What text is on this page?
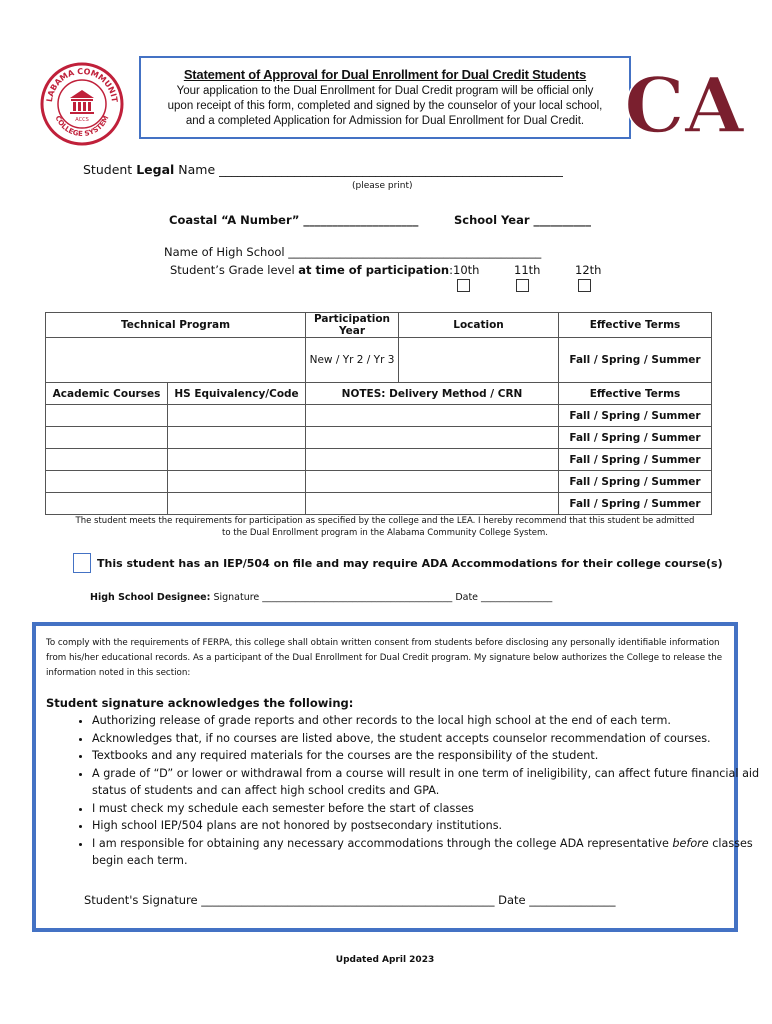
LABAMA COMMUNIT
COLLEGE SYSTEM
ACCS
Statement of Approval for Dual Enrollment for Dual Credit Students
Your application to the Dual Enrollment for Dual Credit program will be official only
upon receipt of this form, completed and signed by the counselor of your local school,
and a completed Application for Admission for Dual Enrollment for Dual Credit. CA
Student Legal Name _______________________________________________________
(please print)
Coastal “A Number” ____________________	School Year __________
Name of High School ____________________________________________
Student’s Grade level at time of participation: 10th	11th	12th
Technical Program		Participation Year	Location	Effective Terms
		New / Yr 2 / Yr 3		Fall / Spring / Summer
Academic Courses	HS Equivalency/Code	NOTES: Delivery Method / CRN		Effective Terms
				Fall / Spring / Summer
				Fall / Spring / Summer
				Fall / Spring / Summer
				Fall / Spring / Summer
				Fall / Spring / Summer
The student meets the requirements for participation as specified by the college and the LEA. I hereby recommend that this student be admitted
to the Dual Enrollment program in the Alabama Community College System.
This student has an IEP/504 on file and may require ADA Accommodations for their college course(s)
High School Designee: Signature ________________________________________ Date _______________
To comply with the requirements of FERPA, this college shall obtain written consent from students before disclosing any personally identifiable information from his/her educational records. As a participant of the Dual Enrollment for Dual Credit program. My signature below authorizes the College to release the information noted in this section:
Student signature acknowledges the following:
• Authorizing release of grade reports and other records to the local high school at the end of each term.
• Acknowledges that, if no courses are listed above, the student accepts counselor recommendation of courses.
• Textbooks and any required materials for the courses are the responsibility of the student.
• A grade of “D” or lower or withdrawal from a course will result in one term of ineligibility, can affect future financial aid status of students and can affect high school credits and GPA.
• I must check my schedule each semester before the start of classes
• High school IEP/504 plans are not honored by postsecondary institutions.
• I am responsible for obtaining any necessary accommodations through the college ADA representative before classes begin each term.
Student's Signature ___________________________________________________ Date _______________
Updated April 2023
